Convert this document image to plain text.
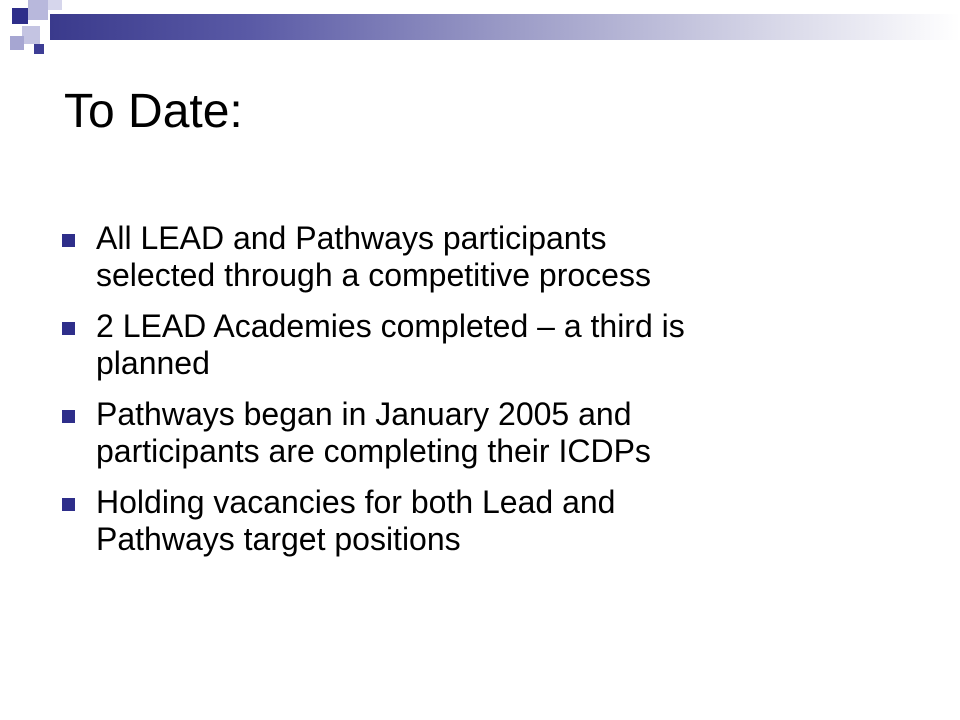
To Date:
All LEAD and Pathways participants
selected through a competitive process
2 LEAD Academies completed – a third is
planned
Pathways began in January 2005 and
participants are completing their ICDPs
Holding vacancies for both Lead and
Pathways target positions
